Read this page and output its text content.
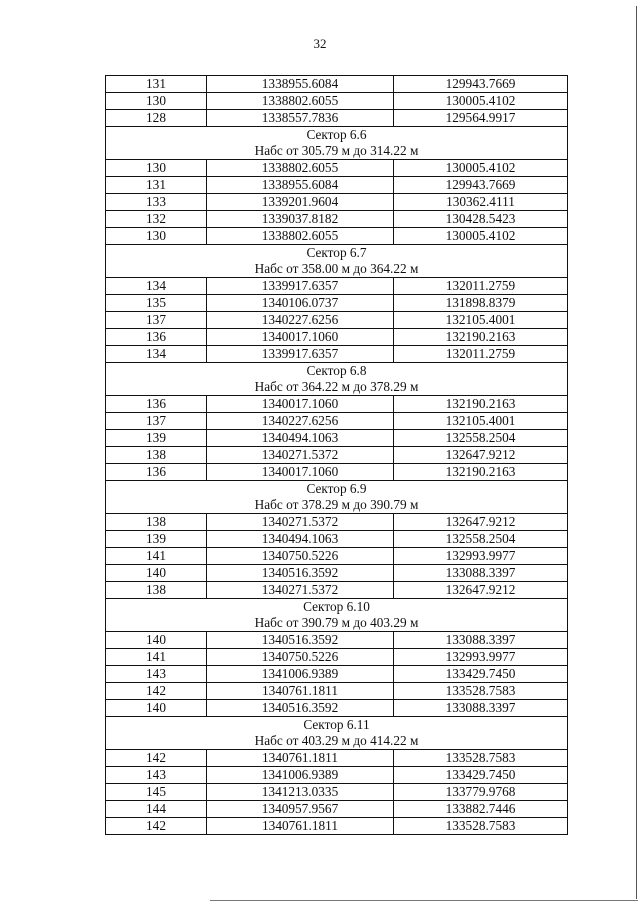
32
131	1338955.6084	129943.7669
130	1338802.6055	130005.4102
128	1338557.7836	129564.9917
Сектор 6.6		
Набс от 305.79 м до 314.22 м		
130	1338802.6055	130005.4102
131	1338955.6084	129943.7669
133	1339201.9604	130362.4111
132	1339037.8182	130428.5423
130	1338802.6055	130005.4102
Сектор 6.7		
Набс от 358.00 м до 364.22 м		
134	1339917.6357	132011.2759
135	1340106.0737	131898.8379
137	1340227.6256	132105.4001
136	1340017.1060	132190.2163
134	1339917.6357	132011.2759
Сектор 6.8		
Набс от 364.22 м до 378.29 м		
136	1340017.1060	132190.2163
137	1340227.6256	132105.4001
139	1340494.1063	132558.2504
138	1340271.5372	132647.9212
136	1340017.1060	132190.2163
Сектор 6.9		
Набс от 378.29 м до 390.79 м		
138	1340271.5372	132647.9212
139	1340494.1063	132558.2504
141	1340750.5226	132993.9977
140	1340516.3592	133088.3397
138	1340271.5372	132647.9212
Сектор 6.10		
Набс от 390.79 м до 403.29 м		
140	1340516.3592	133088.3397
141	1340750.5226	132993.9977
143	1341006.9389	133429.7450
142	1340761.1811	133528.7583
140	1340516.3592	133088.3397
Сектор 6.11		
Набс от 403.29 м до 414.22 м		
142	1340761.1811	133528.7583
143	1341006.9389	133429.7450
145	1341213.0335	133779.9768
144	1340957.9567	133882.7446
142	1340761.1811	133528.7583
